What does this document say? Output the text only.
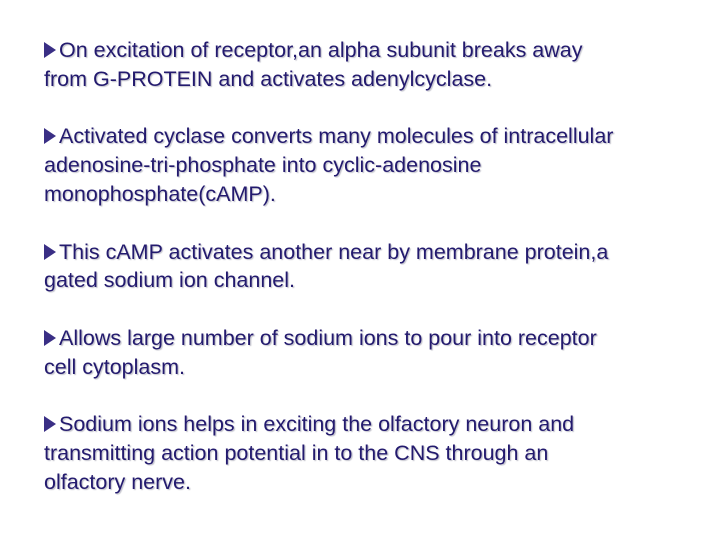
On excitation of receptor,an alpha subunit breaks away
from G-PROTEIN and activates adenylcyclase.
Activated cyclase converts many molecules of intracellular
adenosine-tri-phosphate into cyclic-adenosine
monophosphate(cAMP).
This cAMP activates another near by membrane protein,a
gated sodium ion channel.
Allows large number of sodium ions to pour into receptor
cell cytoplasm.
Sodium ions helps in exciting the olfactory neuron and
transmitting action potential in to the CNS through an
olfactory nerve.
